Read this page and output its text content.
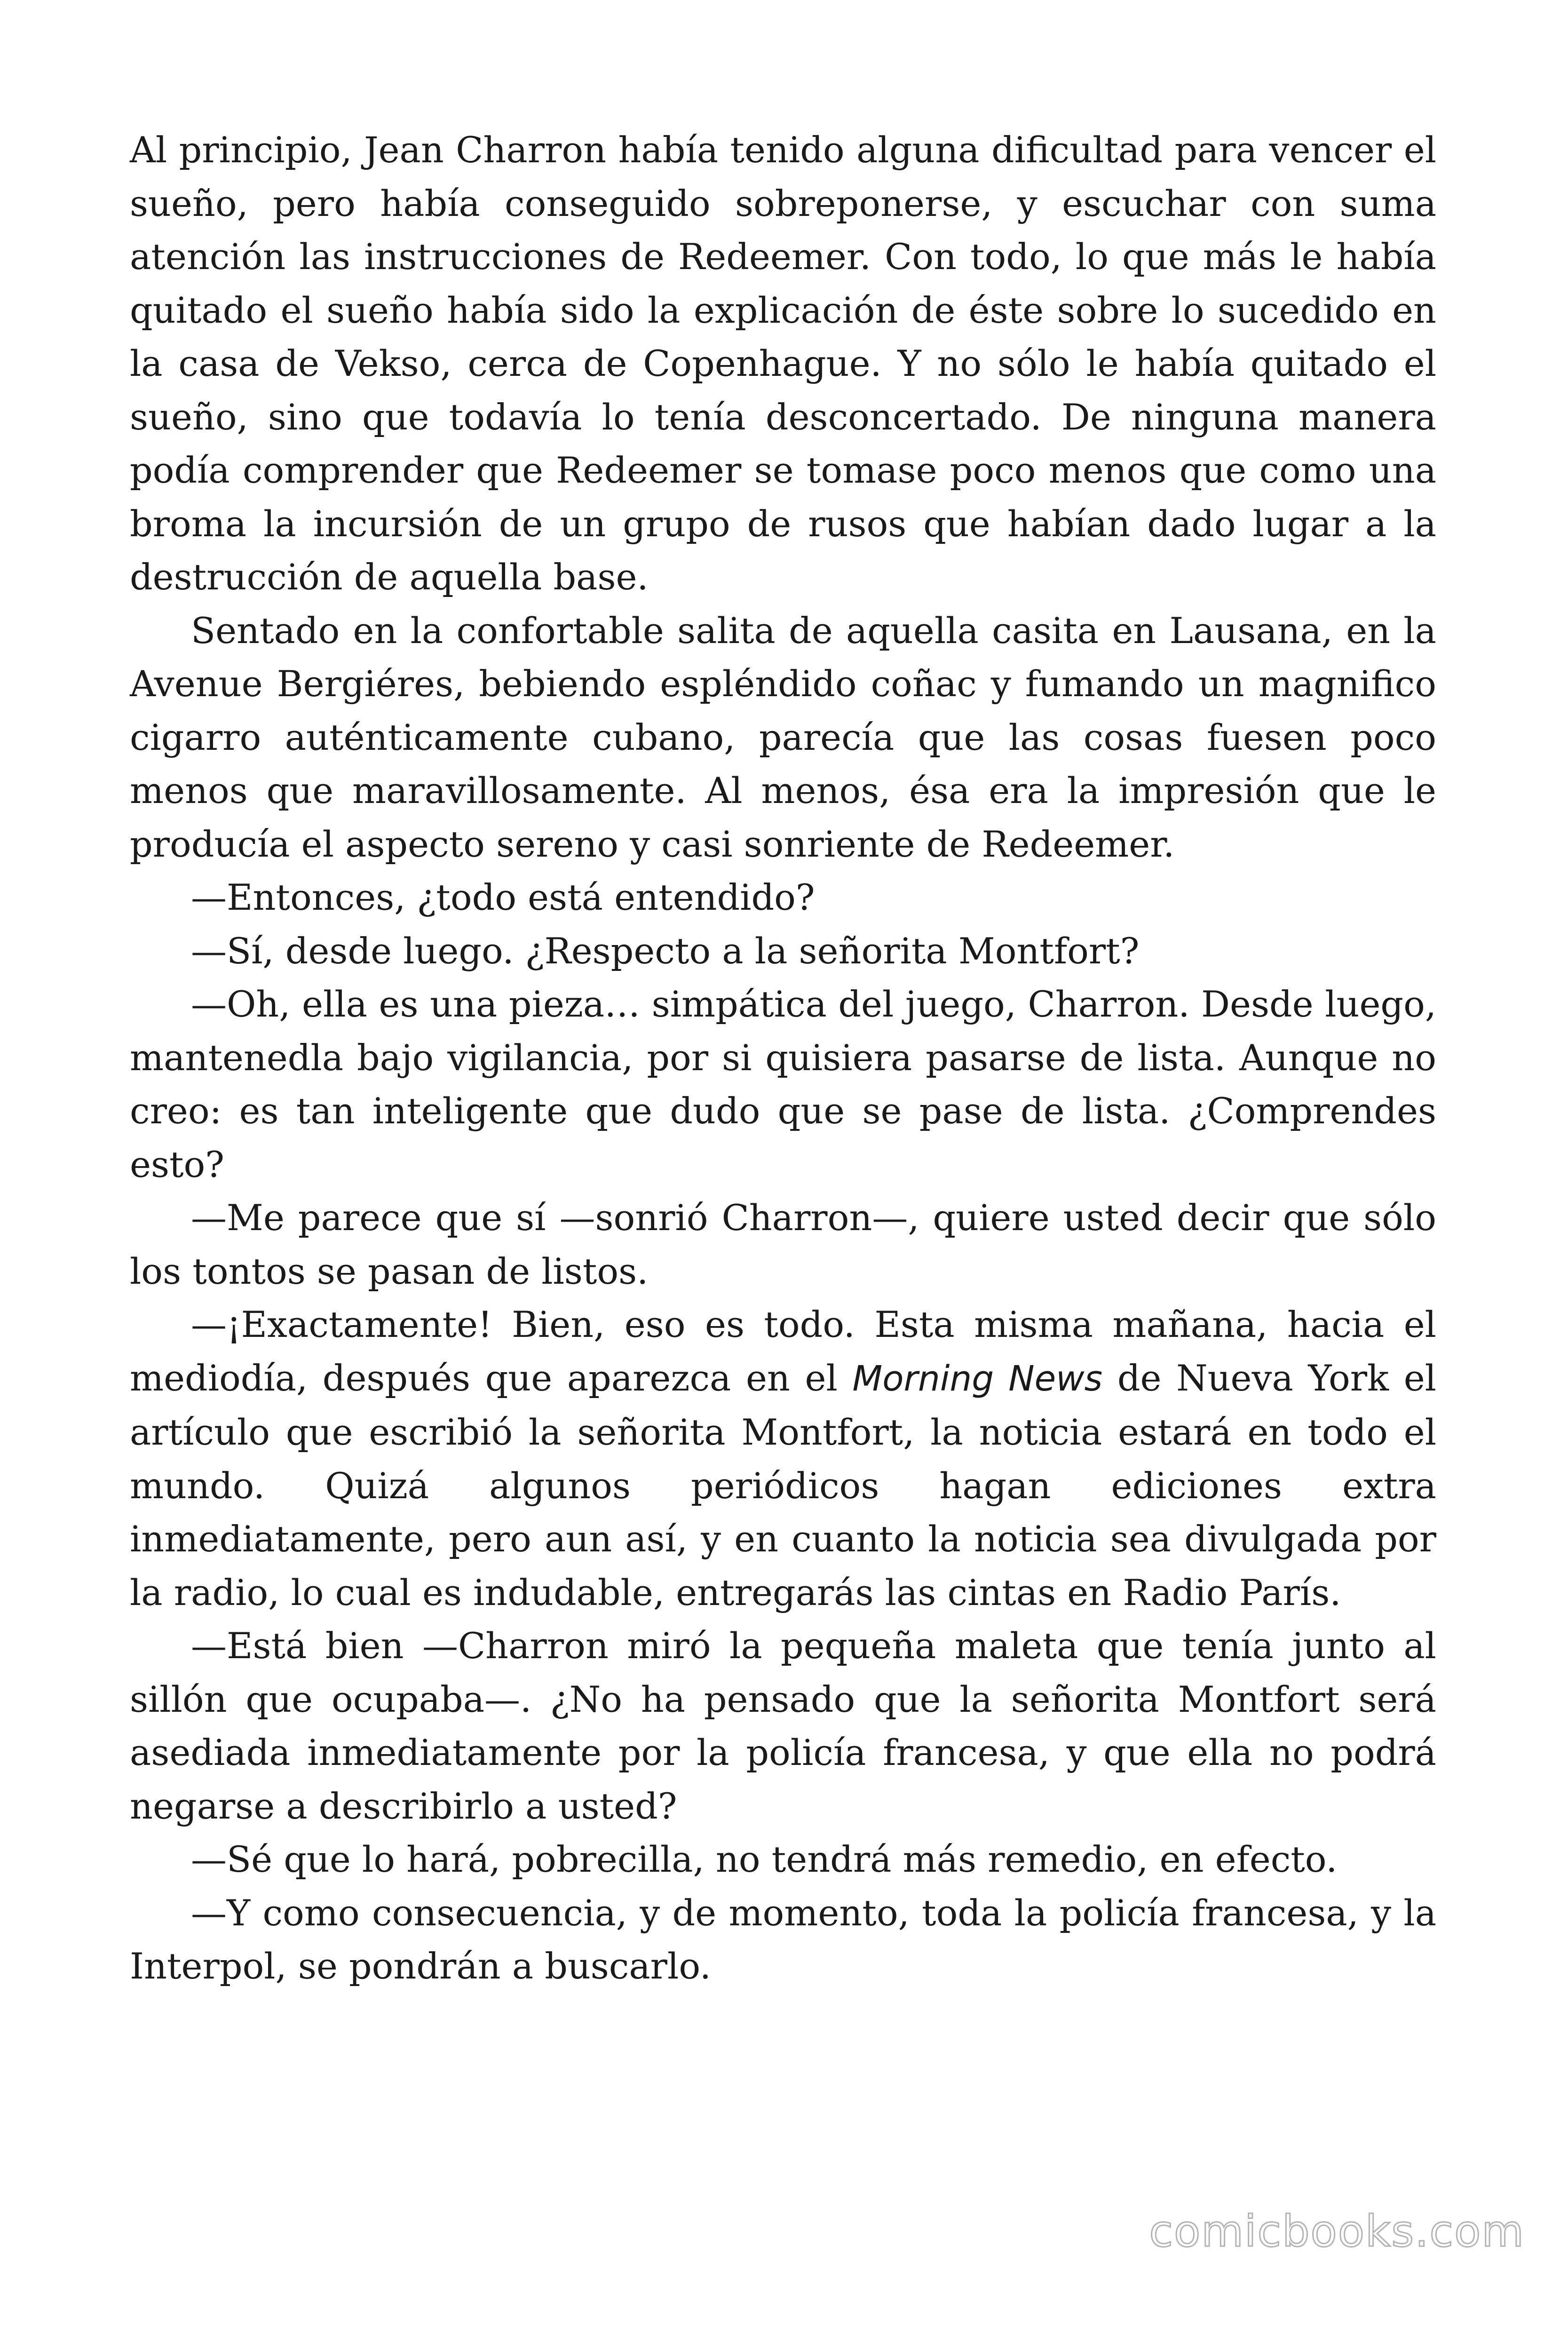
Al principio, Jean Charron había tenido alguna dificultad para vencer el sueño, pero había conseguido sobreponerse, y escuchar con suma atención las instrucciones de Redeemer. Con todo, lo que más le había quitado el sueño había sido la explicación de éste sobre lo sucedido en la casa de Vekso, cerca de Copenhague. Y no sólo le había quitado el sueño, sino que todavía lo tenía desconcertado. De ninguna manera podía comprender que Redeemer se tomase poco menos que como una broma la incursión de un grupo de rusos que habían dado lugar a la destrucción de aquella base.

Sentado en la confortable salita de aquella casita en Lausana, en la Avenue Bergiéres, bebiendo espléndido coñac y fumando un magnifico cigarro auténticamente cubano, parecía que las cosas fuesen poco menos que maravillosamente. Al menos, ésa era la impresión que le producía el aspecto sereno y casi sonriente de Redeemer.

—Entonces, ¿todo está entendido?

—Sí, desde luego. ¿Respecto a la señorita Montfort?

—Oh, ella es una pieza… simpática del juego, Charron. Desde luego, mantenedla bajo vigilancia, por si quisiera pasarse de lista. Aunque no creo: es tan inteligente que dudo que se pase de lista. ¿Comprendes esto?

—Me parece que sí —sonrió Charron—, quiere usted decir que sólo los tontos se pasan de listos.

—¡Exactamente! Bien, eso es todo. Esta misma mañana, hacia el mediodía, después que aparezca en el Morning News de Nueva York el artículo que escribió la señorita Montfort, la noticia estará en todo el mundo. Quizá algunos periódicos hagan ediciones extra inmediatamente, pero aun así, y en cuanto la noticia sea divulgada por la radio, lo cual es indudable, entregarás las cintas en Radio París.

—Está bien —Charron miró la pequeña maleta que tenía junto al sillón que ocupaba—. ¿No ha pensado que la señorita Montfort será asediada inmediatamente por la policía francesa, y que ella no podrá negarse a describirlo a usted?

—Sé que lo hará, pobrecilla, no tendrá más remedio, en efecto.

—Y como consecuencia, y de momento, toda la policía francesa, y la Interpol, se pondrán a buscarlo.

comicbooks.com
